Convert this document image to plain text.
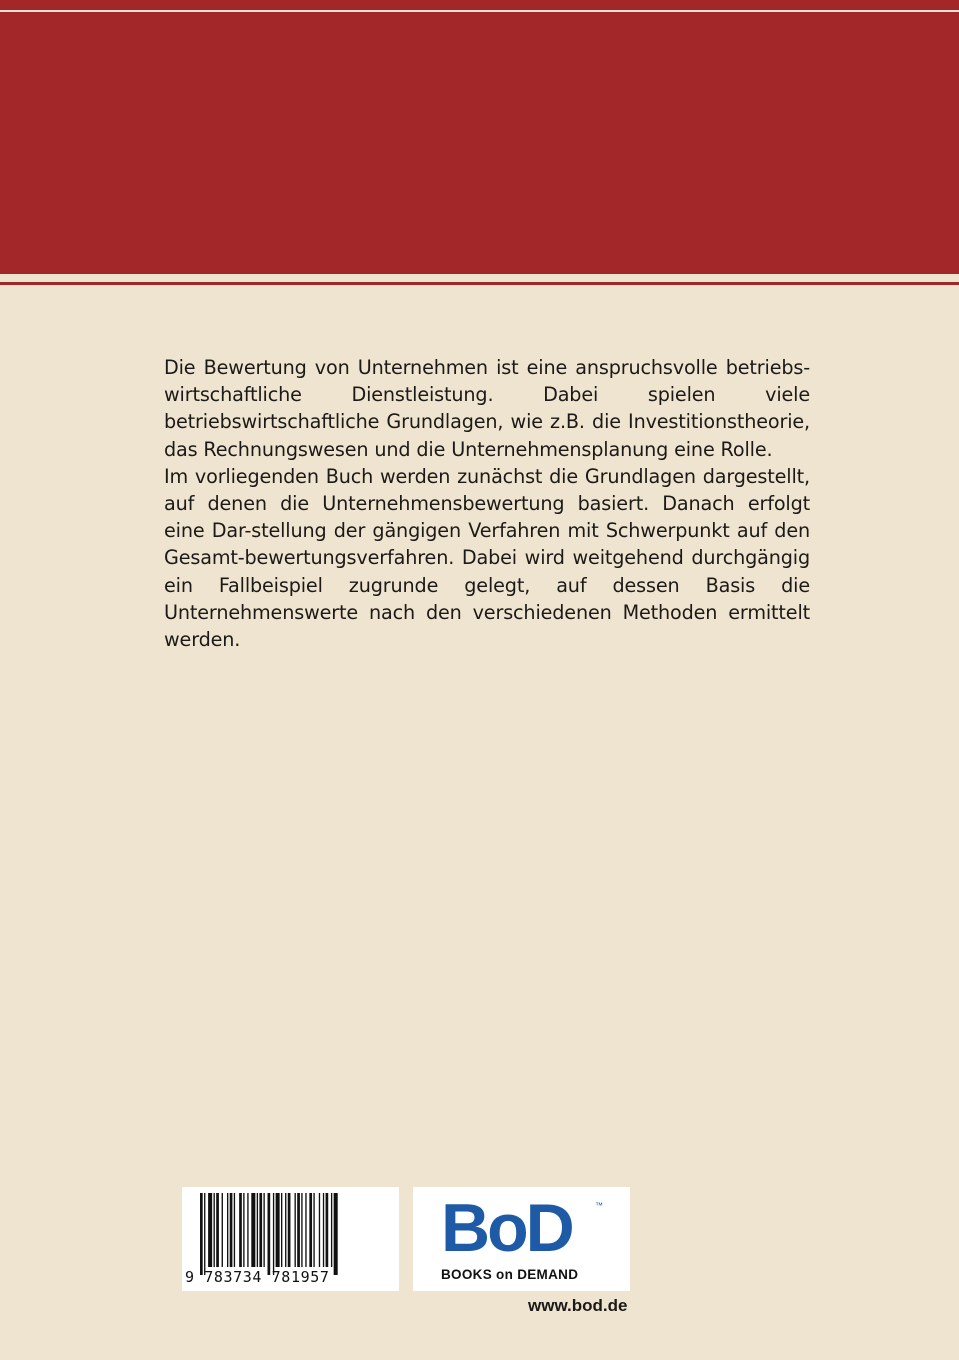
Die Bewertung von Unternehmen ist eine anspruchsvolle betriebs-wirtschaftliche Dienstleistung. Dabei spielen viele betriebswirtschaftliche Grundlagen, wie z.B. die Investitionstheorie, das Rechnungswesen und die Unternehmensplanung eine Rolle.

Im vorliegenden Buch werden zunächst die Grundlagen dargestellt, auf denen die Unternehmensbewertung basiert. Danach erfolgt eine Dar-stellung der gängigen Verfahren mit Schwerpunkt auf den Gesamt-bewertungsverfahren. Dabei wird weitgehend durchgängig ein Fallbeispiel zugrunde gelegt, auf dessen Basis die Unternehmenswerte nach den verschiedenen Methoden ermittelt werden.

9 783734 781957
BoD	™
BOOKS on DEMAND
www.bod.de
